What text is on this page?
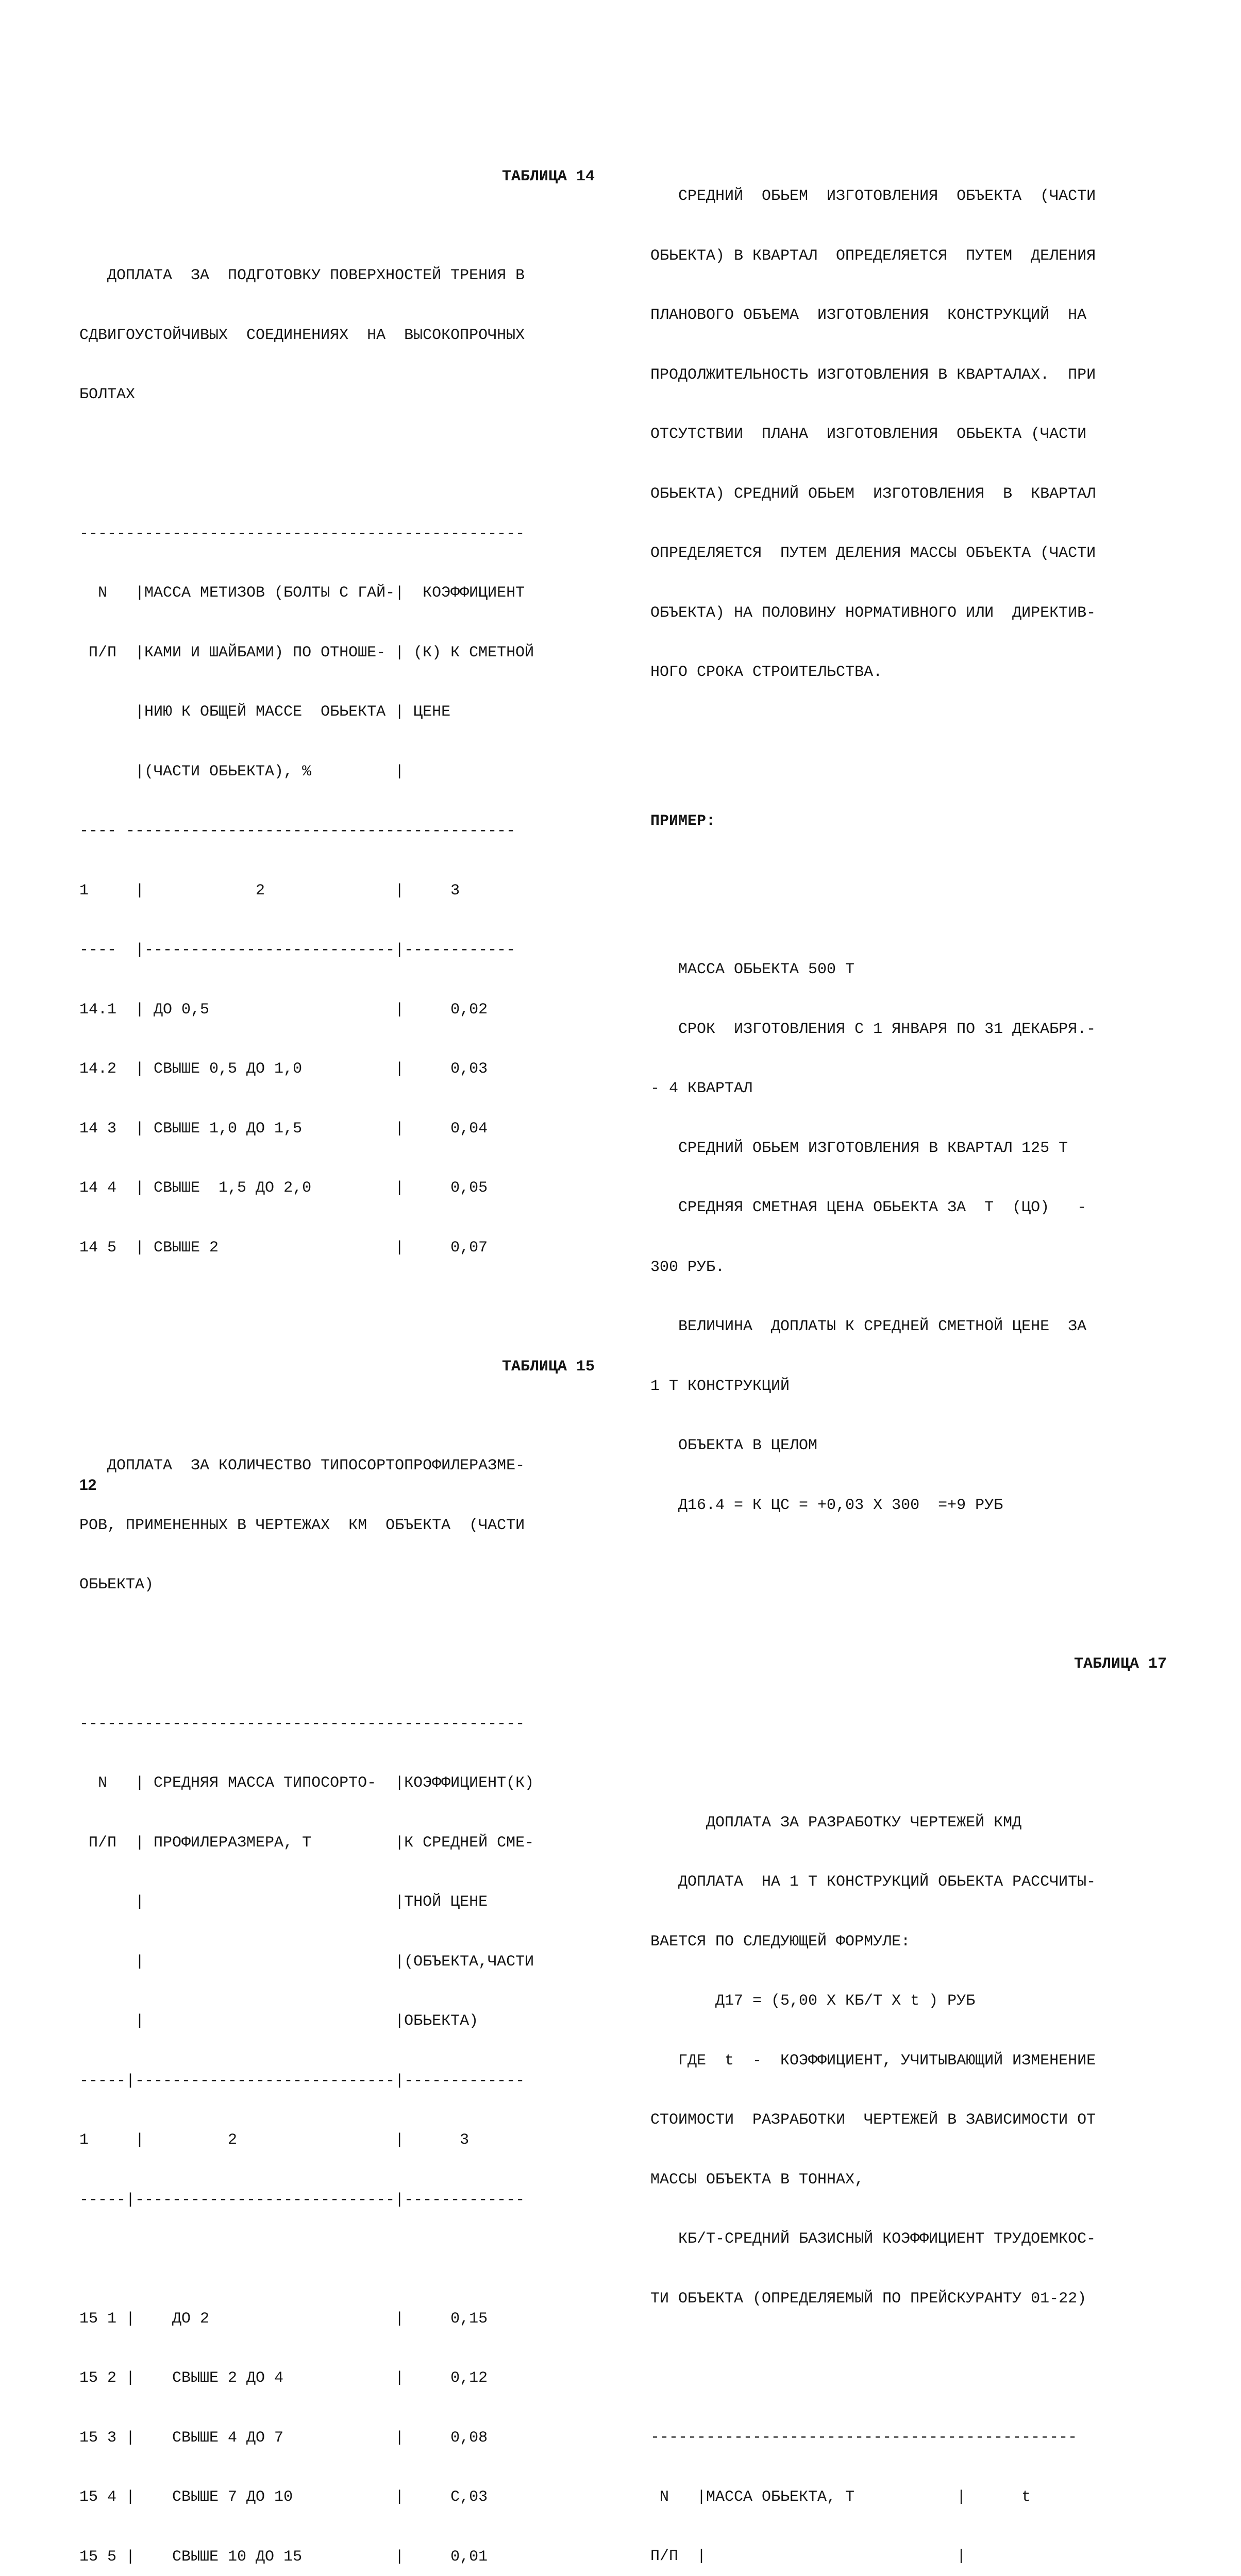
ТАБЛИЦА 14

ДОПЛАТА  ЗА  ПОДГОТОВКУ ПОВЕРХНОСТЕЙ ТРЕНИЯ В

СДВИГОУСТОЙЧИВЫХ  СОЕДИНЕНИЯХ  НА  ВЫСОКОПРОЧНЫХ

БОЛТАХ

------------------------------------------------

N   |МАССА МЕТИЗОВ (БОЛТЫ С ГАЙ-|  КОЭФФИЦИЕНТ

П/П  |КАМИ И ШАЙБАМИ) ПО ОТНОШЕ- | (К) К СМЕТНОЙ

|НИЮ К ОБЩЕЙ МАССЕ  ОБЬЕКТА | ЦЕНЕ

|(ЧАСТИ ОБЬЕКТА), %         |

---- ------------------------------------------

1     |            2              |     3

----  |---------------------------|------------

14.1  | ДО 0,5                    |     0,02

14.2  | СВЫШЕ 0,5 ДО 1,0          |     0,03

14 3  | СВЫШЕ 1,0 ДО 1,5          |     0,04

14 4  | СВЫШЕ  1,5 ДО 2,0         |     0,05

14 5  | СВЫШЕ 2                   |     0,07

ТАБЛИЦА 15

ДОПЛАТА  ЗА КОЛИЧЕСТВО ТИПОСОРТОПРОФИЛЕРАЗМЕ-

РОВ, ПРИМЕНЕННЫХ В ЧЕРТЕЖАХ  КМ  ОБЪЕКТА  (ЧАСТИ

ОБЬЕКТА)

------------------------------------------------

N   | СРЕДНЯЯ МАССА ТИПОСОРТО-  |КОЭФФИЦИЕНТ(К)

П/П  | ПРОФИЛЕРАЗМЕРА, Т         |К СРЕДНЕЙ СМЕ-

|                           |ТНОЙ ЦЕНЕ

|                           |(ОБЪЕКТА,ЧАСТИ

|                           |ОБЬЕКТА)

-----|----------------------------|-------------

1     |         2                 |      3

-----|----------------------------|-------------

15 1 |    ДО 2                    |     0,15

15 2 |    СВЫШЕ 2 ДО 4            |     0,12

15 3 |    СВЫШЕ 4 ДО 7            |     0,08

15 4 |    СВЫШЕ 7 ДО 10           |     С,03

15 5 |    СВЫШЕ 10 ДО 15          |     0,01

СРЕДНИЙ  ОБЬЕМ  ИЗГОТОВЛЕНИЯ  ОБЪЕКТА  (ЧАСТИ

ОБЬЕКТА) В КВАРТАЛ  ОПРЕДЕЛЯЕТСЯ  ПУТЕМ  ДЕЛЕНИЯ

ПЛАНОВОГО ОБЪЕМА  ИЗГОТОВЛЕНИЯ  КОНСТРУКЦИЙ  НА

ПРОДОЛЖИТЕЛЬНОСТЬ ИЗГОТОВЛЕНИЯ В КВАРТАЛАХ.  ПРИ

ОТСУТСТВИИ  ПЛАНА  ИЗГОТОВЛЕНИЯ  ОБЬЕКТА (ЧАСТИ

ОБЬЕКТА) СРЕДНИЙ ОБЬЕМ  ИЗГОТОВЛЕНИЯ  В  КВАРТАЛ

ОПРЕДЕЛЯЕТСЯ  ПУТЕМ ДЕЛЕНИЯ МАССЫ ОБЪЕКТА (ЧАСТИ

ОБЪЕКТА) НА ПОЛОВИНУ НОРМАТИВНОГО ИЛИ  ДИРЕКТИВ-

НОГО СРОКА СТРОИТЕЛЬСТВА.

ПРИМЕР:

МАССА ОБЬЕКТА 500 Т

СРОК  ИЗГОТОВЛЕНИЯ С 1 ЯНВАРЯ ПО 31 ДЕКАБРЯ.-

- 4 КВАРТАЛ

СРЕДНИЙ ОБЬЕМ ИЗГОТОВЛЕНИЯ В КВАРТАЛ 125 Т

СРЕДНЯЯ СМЕТНАЯ ЦЕНА ОБЬЕКТА ЗА  Т  (ЦО)   -

300 РУБ.

ВЕЛИЧИНА  ДОПЛАТЫ К СРЕДНЕЙ СМЕТНОЙ ЦЕНЕ  ЗА

1 Т КОНСТРУКЦИЙ

ОБЪЕКТА В ЦЕЛОМ

Д16.4 = К ЦС = +0,03 X 300  =+9 РУБ

ТАБЛИЦА 17

ДОПЛАТА ЗА РАЗРАБОТКУ ЧЕРТЕЖЕЙ КМД

ДОПЛАТА  НА 1 Т КОНСТРУКЦИЙ ОБЬЕКТА РАССЧИТЫ-

ВАЕТСЯ ПО СЛЕДУЮЩЕЙ ФОРМУЛЕ:

Д17 = (5,00 X КБ/Т X t ) РУБ

ГДЕ  t  -  КОЭФФИЦИЕНТ, УЧИТЫВАЮЩИЙ ИЗМЕНЕНИЕ

СТОИМОСТИ  РАЗРАБОТКИ  ЧЕРТЕЖЕЙ В ЗАВИСИМОСТИ ОТ

МАССЫ ОБЪЕКТА В ТОННАХ,

КБ/Т-СРЕДНИЙ БАЗИСНЫЙ КОЭФФИЦИЕНТ ТРУДОЕМКОС-

ТИ ОБЪЕКТА (ОПРЕДЕЛЯЕМЫЙ ПО ПРЕЙСКУРАНТУ 01-22)

----------------------------------------------

N   |МАССА ОБЬЕКТА, Т           |      t

П/П  |                           |

12
